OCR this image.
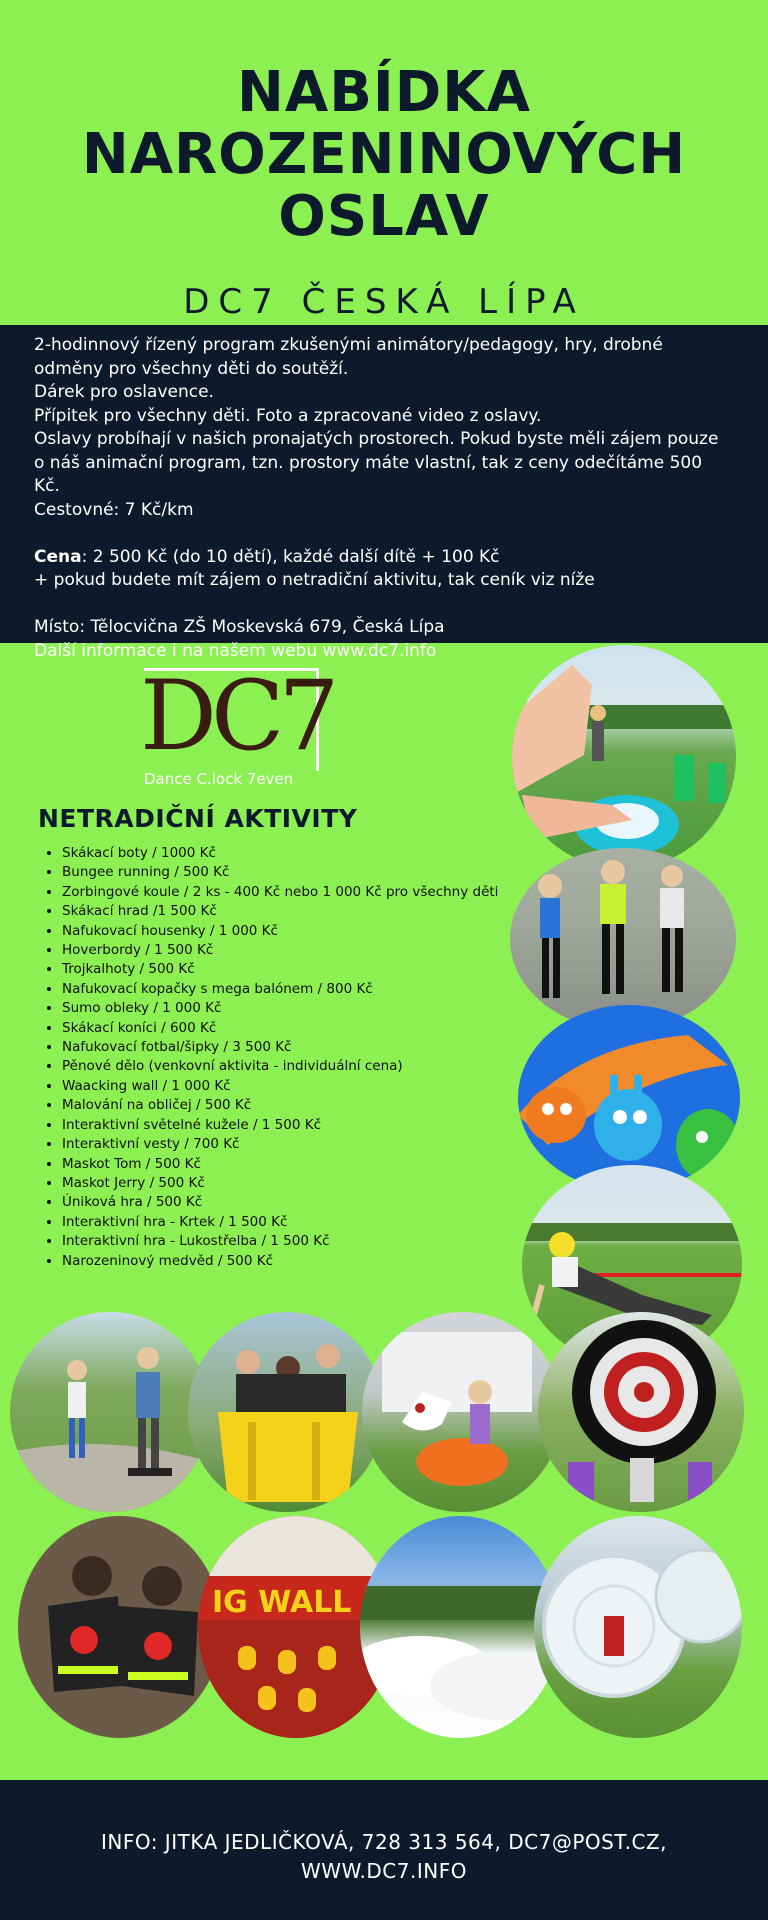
NABÍDKA
NAROZENINOVÝCH
OSLAV
DC7 ČESKÁ LÍPA

2-hodinnový řízený program zkušenými animátory/pedagogy, hry, drobné odměny pro všechny děti do soutěží.

Dárek pro oslavence.

Přípitek pro všechny děti. Foto a zpracované video z oslavy.

Oslavy probíhají v našich pronajatých prostorech. Pokud byste měli zájem pouze o náš animační program, tzn. prostory máte vlastní, tak z ceny odečítáme 500 Kč.

Cestovné: 7 Kč/km

Cena: 2 500 Kč (do 10 dětí), každé další dítě + 100 Kč

+ pokud budete mít zájem o netradiční aktivitu, tak ceník viz níže

Místo: Tělocvična ZŠ Moskevská 679, Česká Lípa

Další informace i na našem webu www.dc7.info

DC7
Dance C.lock 7even
NETRADIČNÍ AKTIVITY
• Skákací boty / 1000 Kč
• Bungee running / 500 Kč
• Zorbingové koule / 2 ks - 400 Kč nebo 1 000 Kč pro všechny děti
• Skákací hrad /1 500 Kč
• Nafukovací housenky / 1 000 Kč
• Hoverbordy / 1 500 Kč
• Trojkalhoty / 500 Kč
• Nafukovací kopačky s mega balónem / 800 Kč
• Sumo obleky / 1 000 Kč
• Skákací koníci / 600 Kč
• Nafukovací fotbal/šipky / 3 500 Kč
• Pěnové dělo (venkovní aktivita - individuální cena)
• Waacking wall / 1 000 Kč
• Malování na obličej / 500 Kč
• Interaktivní světelné kužele / 1 500 Kč
• Interaktivní vesty / 700 Kč
• Maskot Tom / 500 Kč
• Maskot Jerry / 500 Kč
• Úniková hra / 500 Kč
• Interaktivní hra - Krtek / 1 500 Kč
• Interaktivní hra - Lukostřelba / 1 500 Kč
• Narozeninový medvěd / 500 Kč
IG WALL
INFO: JITKA JEDLIČKOVÁ, 728 313 564, DC7@POST.CZ,
WWW.DC7.INFO
